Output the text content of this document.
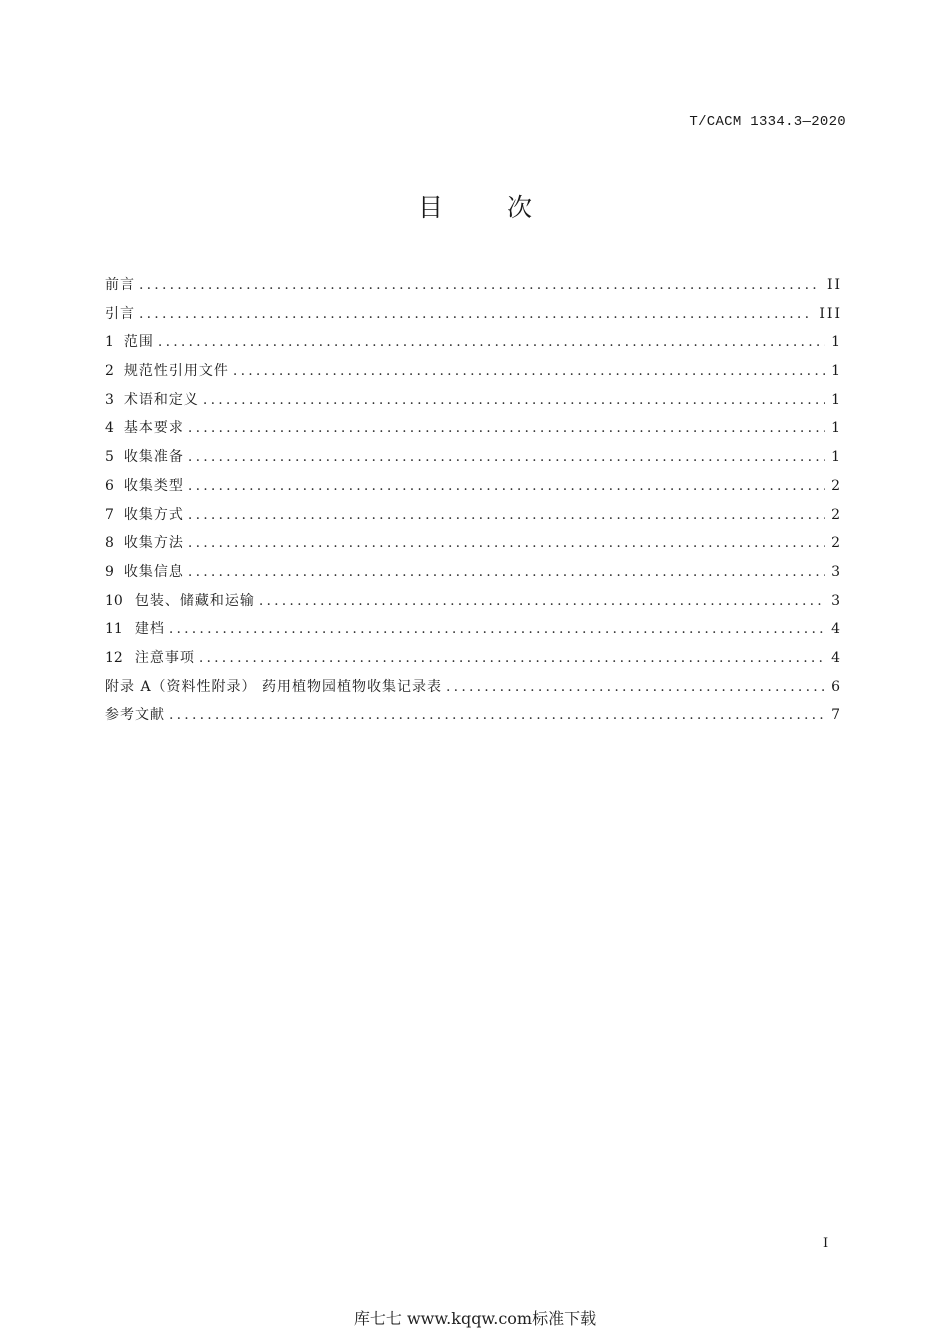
T/CACM 1334.3—2020
目 次
前言 .....	II
引言 .....	III
1 范围 .....	1
2 规范性引用文件 .....	1
3 术语和定义 .....	1
4 基本要求 .....	1
5 收集准备 .....	1
6 收集类型 .....	2
7 收集方式 .....	2
8 收集方法 .....	2
9 收集信息 .....	3
10 包装、储藏和运输 .....	3
11 建档 .....	4
12 注意事项 .....	4
附录 A（资料性附录） 药用植物园植物收集记录表 .....	6
参考文献 .....	7
I
库七七 www.kqqw.com标准下载
